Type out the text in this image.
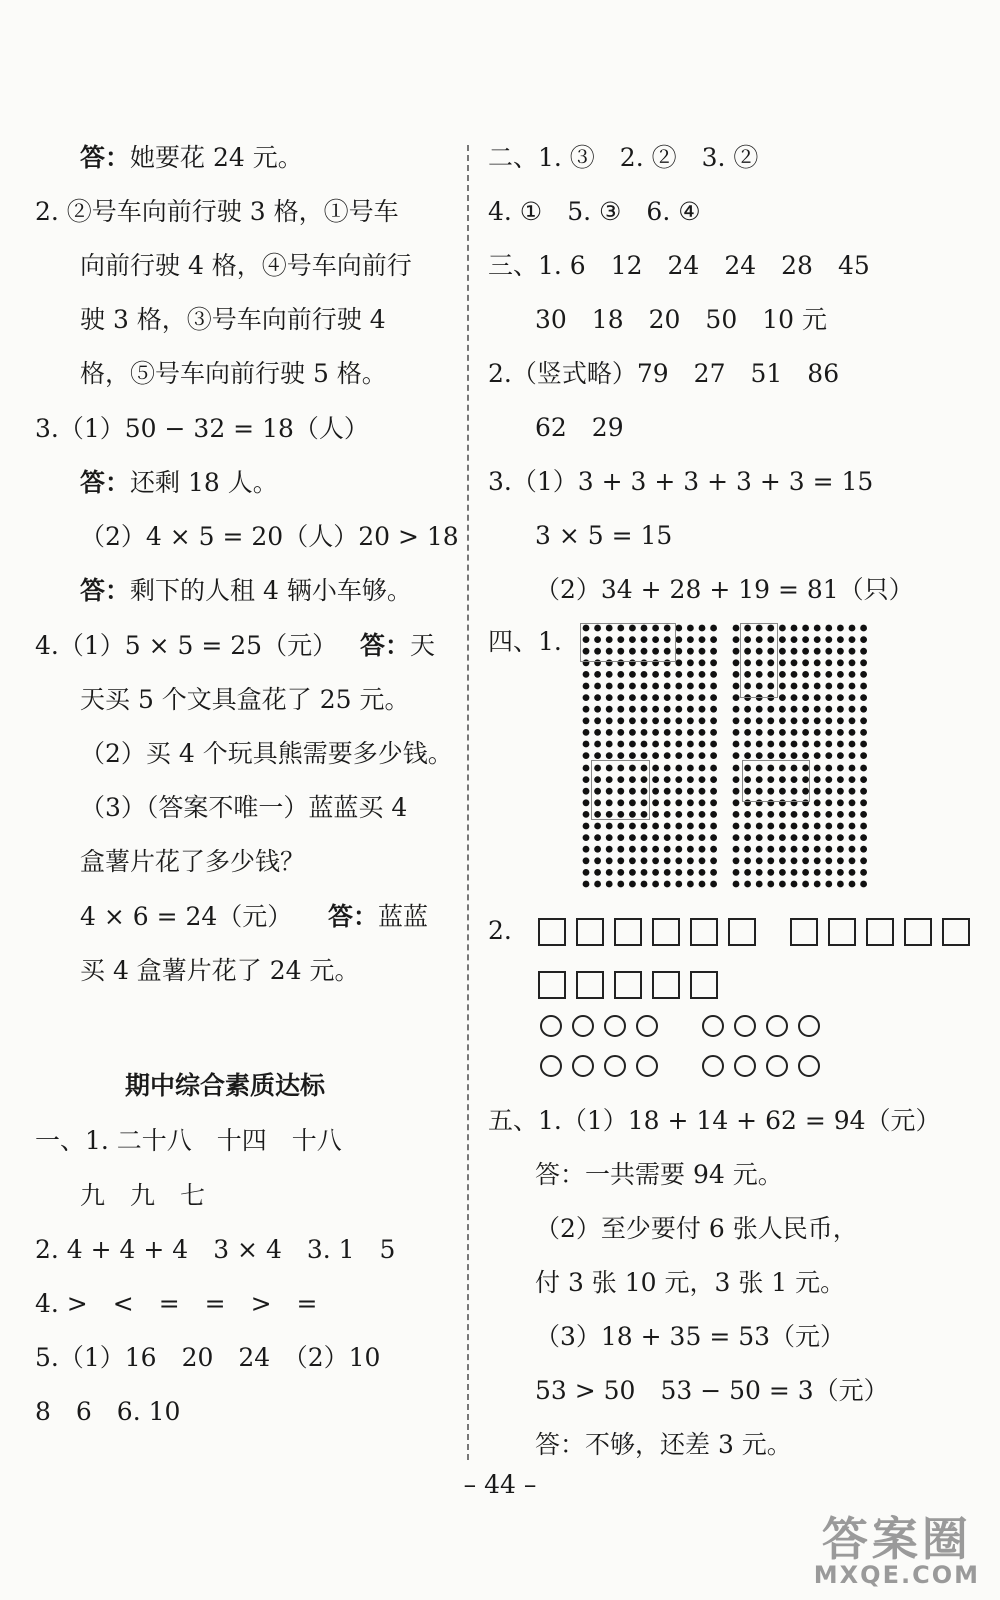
答：她要花 24 元。
2. ②号车向前行驶 3 格，①号车
向前行驶 4 格，④号车向前行
驶 3 格，③号车向前行驶 4
格，⑤号车向前行驶 5 格。
3.（1）50 − 32 = 18（人）
答：还剩 18 人。
（2）4 × 5 = 20（人）20 > 18
答：剩下的人租 4 辆小车够。
4.（1）5 × 5 = 25（元） 答：天
天买 5 个文具盒花了 25 元。
（2）买 4 个玩具熊需要多少钱。
（3）（答案不唯一）蓝蓝买 4
盒薯片花了多少钱？
4 × 6 = 24（元） 答：蓝蓝
买 4 盒薯片花了 24 元。
期中综合素质达标
一、1. 二十八　十四　十八
九　九　七
2. 4 + 4 + 4　3 × 4　3. 1　5
4. >　<　=　=　>　=
5.（1）16　20　24　（2）10
8　6　6. 10
二、1. ③　2. ②　3. ②
4. ①　5. ③　6. ④
三、1. 6　12　24　24　28　45
30　18　20　50　10 元
2.（竖式略）79　27　51　86
62　29
3.（1）3 + 3 + 3 + 3 + 3 = 15
3 × 5 = 15
（2）34 + 28 + 19 = 81（只）
四、1.
2.
五、1.（1）18 + 14 + 62 = 94（元）
答：一共需要 94 元。
（2）至少要付 6 张人民币，
付 3 张 10 元，3 张 1 元。
（3）18 + 35 = 53（元）
53 > 50　53 − 50 = 3（元）
答：不够，还差 3 元。
– 44 –
答案圈
MXQE.COM
